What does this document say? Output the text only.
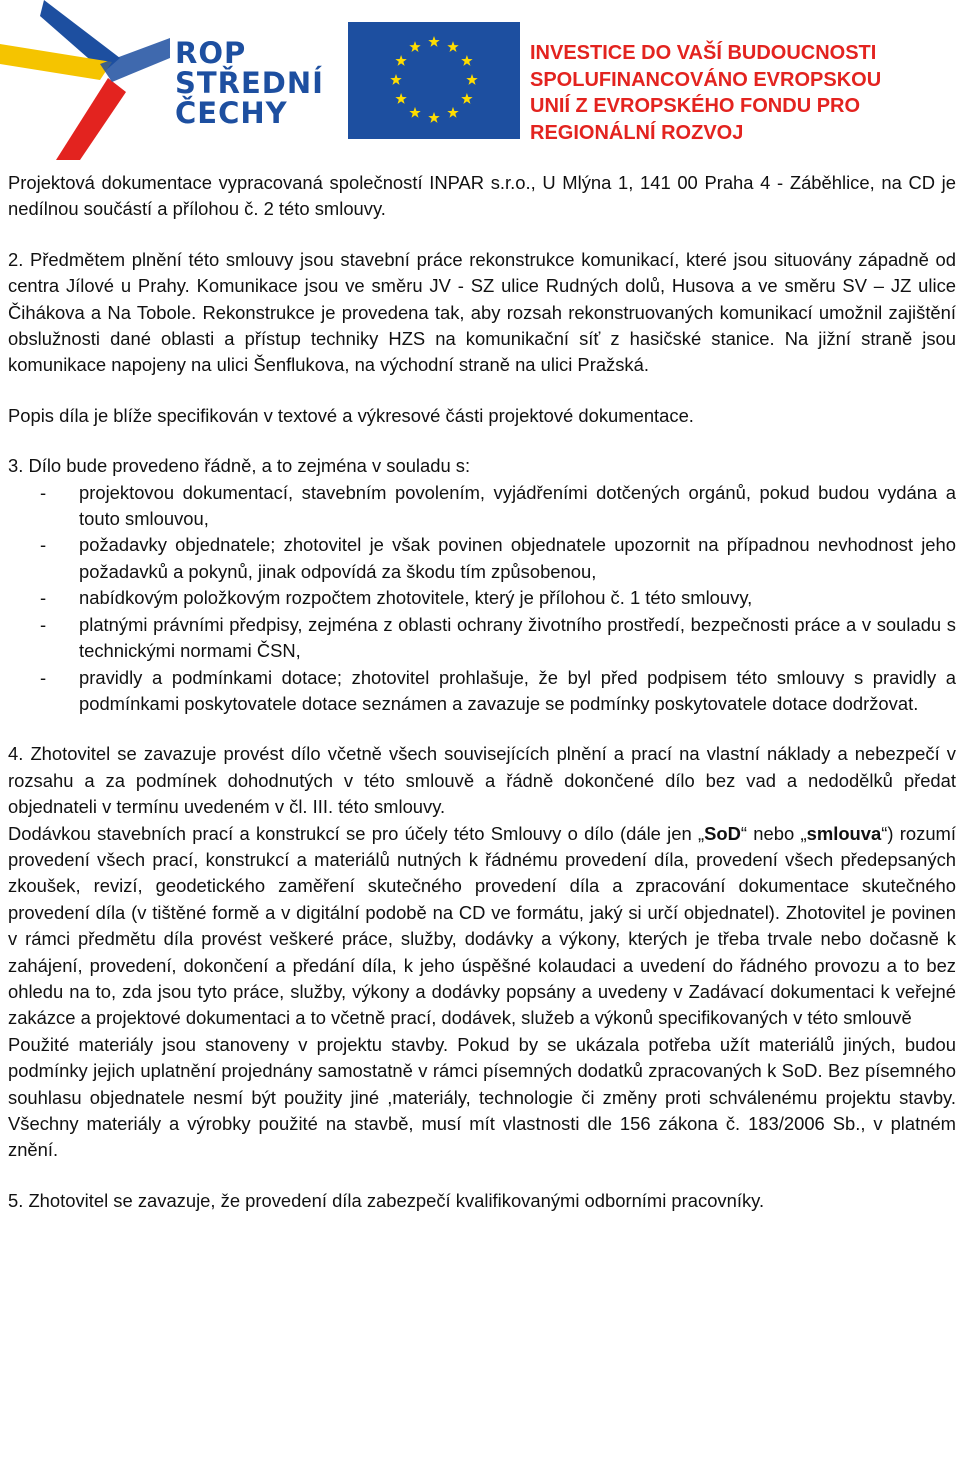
ROP
STŘEDNÍ
ČECHY
INVESTICE DO VAŠÍ BUDOUCNOSTI
SPOLUFINANCOVÁNO EVROPSKOU
UNIÍ Z EVROPSKÉHO FONDU PRO
REGIONÁLNÍ ROZVOJ

Projektová dokumentace vypracovaná společností INPAR s.r.o., U Mlýna 1, 141 00 Praha 4 - Záběhlice, na CD je nedílnou součástí a přílohou č. 2 této smlouvy.

2. Předmětem plnění této smlouvy jsou stavební práce rekonstrukce komunikací, které jsou situovány západně od centra Jílové u Prahy. Komunikace jsou ve směru JV - SZ ulice Rudných dolů, Husova a ve směru SV – JZ ulice Čihákova a Na Tobole. Rekonstrukce je provedena tak, aby rozsah rekonstruovaných komunikací umožnil zajištění obslužnosti dané oblasti a přístup techniky HZS na komunikační síť z hasičské stanice. Na jižní straně jsou komunikace napojeny na ulici Šenflukova, na východní straně na ulici Pražská.

Popis díla je blíže specifikován v textové a výkresové části projektové dokumentace.

3. Dílo bude provedeno řádně, a to zejména v souladu s:

- projektovou dokumentací, stavebním povolením, vyjádřeními dotčených orgánů, pokud budou vydána a touto smlouvou,
- požadavky objednatele; zhotovitel je však povinen objednatele upozornit na případnou nevhodnost jeho požadavků a pokynů, jinak odpovídá za škodu tím způsobenou,
- nabídkovým položkovým rozpočtem zhotovitele, který je přílohou č. 1 této smlouvy,
- platnými právními předpisy, zejména z oblasti ochrany životního prostředí, bezpečnosti práce a v souladu s technickými normami ČSN,
- pravidly a podmínkami dotace; zhotovitel prohlašuje, že byl před podpisem této smlouvy s pravidly a podmínkami poskytovatele dotace seznámen a zavazuje se podmínky poskytovatele dotace dodržovat.

4. Zhotovitel se zavazuje provést dílo včetně všech souvisejících plnění a prací na vlastní náklady a nebezpečí v rozsahu a za podmínek dohodnutých v této smlouvě a řádně dokončené dílo bez vad a nedodělků předat objednateli v termínu uvedeném v čl. III. této smlouvy.

Dodávkou stavebních prací a konstrukcí se pro účely této Smlouvy o dílo (dále jen „SoD“ nebo „smlouva“) rozumí provedení všech prací, konstrukcí a materiálů nutných k řádnému provedení díla, provedení všech předepsaných zkoušek, revizí, geodetického zaměření skutečného provedení díla a zpracování dokumentace skutečného provedení díla (v tištěné formě a v digitální podobě na CD ve formátu, jaký si určí objednatel). Zhotovitel je povinen v rámci předmětu díla provést veškeré práce, služby, dodávky a výkony, kterých je třeba trvale nebo dočasně k zahájení, provedení, dokončení a předání díla, k jeho úspěšné kolaudaci a uvedení do řádného provozu a to bez ohledu na to, zda jsou tyto práce, služby, výkony a dodávky popsány a uvedeny v Zadávací dokumentaci k veřejné zakázce a projektové dokumentaci a to včetně prací, dodávek, služeb a výkonů specifikovaných v této smlouvě

Použité materiály jsou stanoveny v projektu stavby. Pokud by se ukázala potřeba užít materiálů jiných, budou podmínky jejich uplatnění projednány samostatně v rámci písemných dodatků zpracovaných k SoD. Bez písemného souhlasu objednatele nesmí být použity jiné ,materiály, technologie či změny proti schválenému projektu stavby. Všechny materiály a výrobky použité na stavbě, musí mít vlastnosti dle 156 zákona č. 183/2006 Sb., v platném znění.

5. Zhotovitel se zavazuje, že provedení díla zabezpečí kvalifikovanými odborními pracovníky.
